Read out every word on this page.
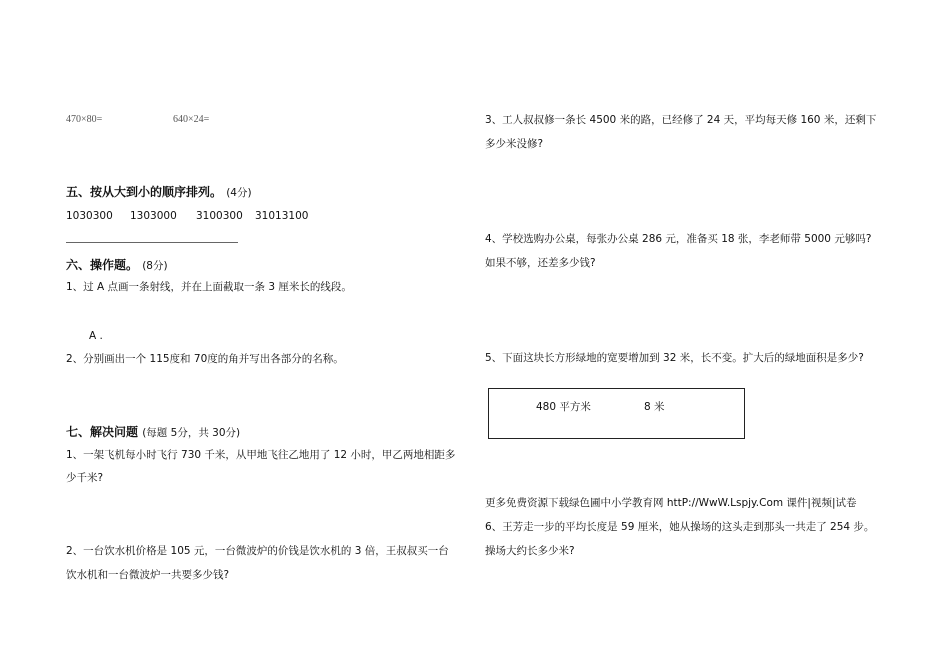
470×80=	640×24=
五、按从大到小的顺序排列。 (4分)
1030300 1303000 3100300 31013100
六、操作题。 (8分)
1、过 A 点画一条射线，并在上面截取一条 3 厘米长的线段。
A .
2、分别画出一个 115度和 70度的角并写出各部分的名称。
七、解决问题 (每题 5分，共 30分)
1、一架飞机每小时飞行 730 千米，从甲地飞往乙地用了 12 小时，甲乙两地相距多
少千米?
2、一台饮水机价格是 105 元，一台微波炉的价钱是饮水机的 3 倍，王叔叔买一台
饮水机和一台微波炉一共要多少钱?
3、工人叔叔修一条长 4500 米的路，已经修了 24 天，平均每天修 160 米，还剩下
多少米没修?
4、学校选购办公桌，每张办公桌 286 元，准备买 18 张，李老师带 5000 元够吗?
如果不够，还差多少钱?
5、下面这块长方形绿地的宽要增加到 32 米，长不变。扩大后的绿地面积是多少?
480 平方米	8 米
更多免费资源下载绿色圃中小学教育网 httP://WwW.Lspjy.Com 课件|视频|试卷
6、王芳走一步的平均长度是 59 厘米，她从操场的这头走到那头一共走了 254 步。
操场大约长多少米?
